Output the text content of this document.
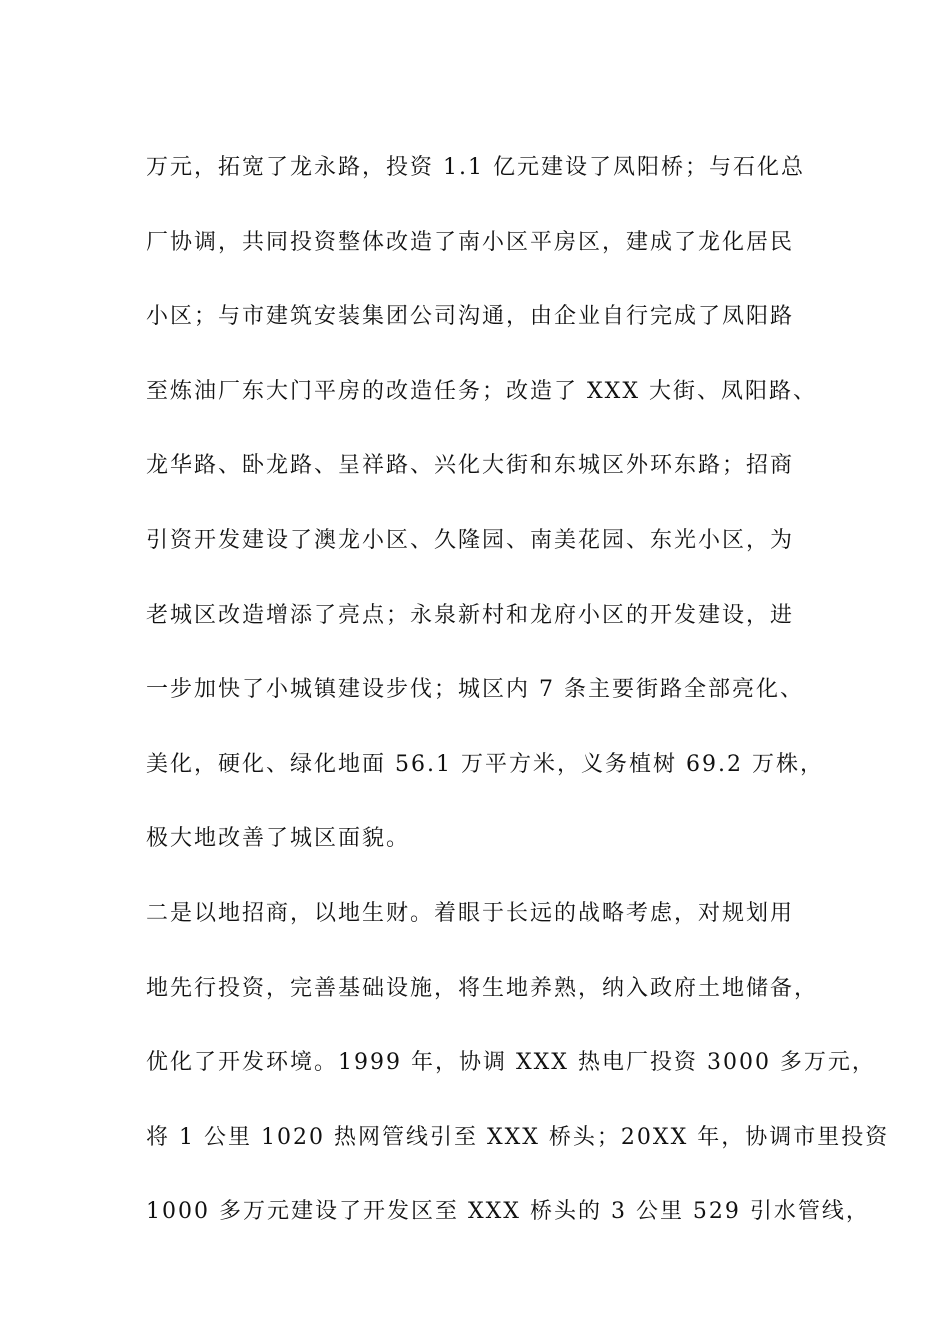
万元，拓宽了龙永路，投资 1.1 亿元建设了凤阳桥；与石化总
厂协调，共同投资整体改造了南小区平房区，建成了龙化居民
小区；与市建筑安装集团公司沟通，由企业自行完成了凤阳路
至炼油厂东大门平房的改造任务；改造了 XXX 大街、凤阳路、
龙华路、卧龙路、呈祥路、兴化大街和东城区外环东路；招商
引资开发建设了澳龙小区、久隆园、南美花园、东光小区，为
老城区改造增添了亮点；永泉新村和龙府小区的开发建设，进
一步加快了小城镇建设步伐；城区内 7 条主要街路全部亮化、
美化，硬化、绿化地面 56.1 万平方米，义务植树 69.2 万株，
极大地改善了城区面貌。
二是以地招商，以地生财。着眼于长远的战略考虑，对规划用
地先行投资，完善基础设施，将生地养熟，纳入政府土地储备，
优化了开发环境。1999 年，协调 XXX 热电厂投资 3000 多万元，
将 1 公里 1020 热网管线引至 XXX 桥头；20XX 年，协调市里投资
1000 多万元建设了开发区至 XXX 桥头的 3 公里 529 引水管线，
